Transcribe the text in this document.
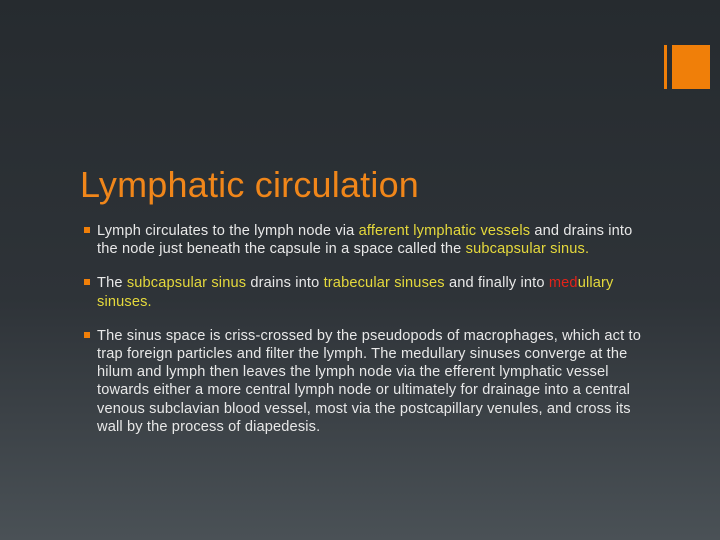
Lymphatic circulation
Lymph circulates to the lymph node via afferent lymphatic vessels and drains into the node just beneath the capsule in a space called the subcapsular sinus.
The subcapsular sinus drains into trabecular sinuses and finally into medullary sinuses.
The sinus space is criss-crossed by the pseudopods of macrophages, which act to trap foreign particles and filter the lymph. The medullary sinuses converge at the hilum and lymph then leaves the lymph node via the efferent lymphatic vessel towards either a more central lymph node or ultimately for drainage into a central venous subclavian blood vessel, most via the postcapillary venules, and cross its wall by the process of diapedesis.
